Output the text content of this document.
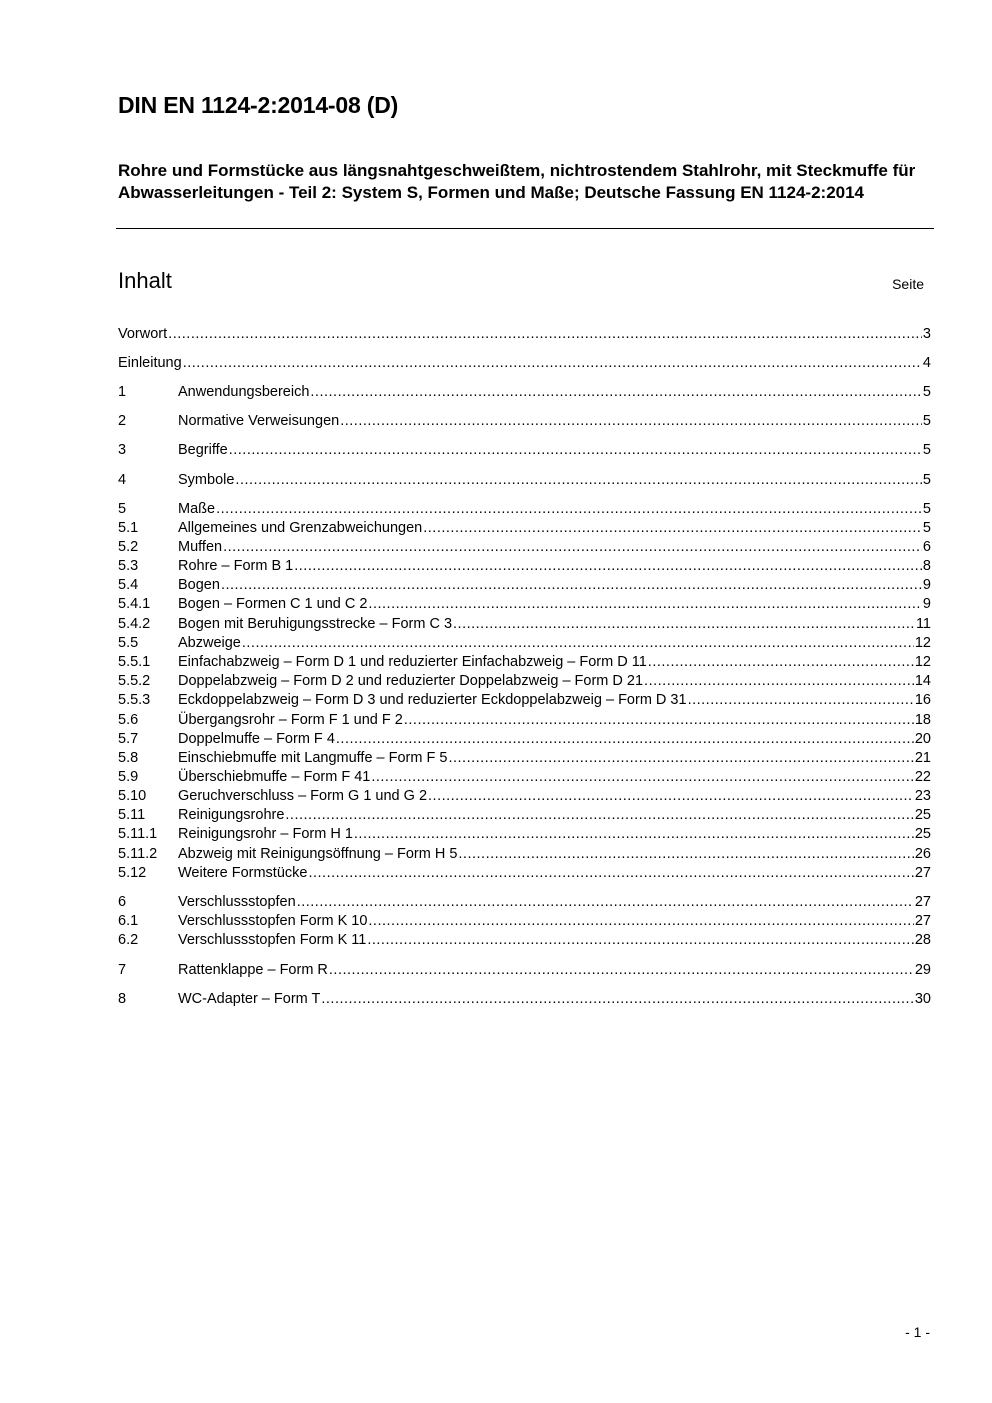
DIN EN 1124-2:2014-08 (D)
Rohre und Formstücke aus längsnahtgeschweißtem, nichtrostendem Stahlrohr, mit Steckmuffe für Abwasserleitungen - Teil 2: System S, Formen und Maße; Deutsche Fassung EN 1124-2:2014
Inhalt	Seite
Vorwort .....	3
Einleitung .....	4
1	Anwendungsbereich .....	5
2	Normative Verweisungen .....	5
3	Begriffe .....	5
4	Symbole .....	5
5	Maße .....	5
5.1	Allgemeines und Grenzabweichungen .....	5
5.2	Muffen .....	6
5.3	Rohre – Form B 1 .....	8
5.4	Bogen .....	9
5.4.1	Bogen – Formen C 1 und C 2 .....	9
5.4.2	Bogen mit Beruhigungsstrecke – Form C 3 .....	11
5.5	Abzweige .....	12
5.5.1	Einfachabzweig – Form D 1 und reduzierter Einfachabzweig – Form D 11 .....	12
5.5.2	Doppelabzweig – Form D 2 und reduzierter Doppelabzweig – Form D 21 .....	14
5.5.3	Eckdoppelabzweig – Form D 3 und reduzierter Eckdoppelabzweig – Form D 31 .....	16
5.6	Übergangsrohr – Form F 1 und F 2 .....	18
5.7	Doppelmuffe – Form F 4 .....	20
5.8	Einschiebmuffe mit Langmuffe – Form F 5 .....	21
5.9	Überschiebmuffe – Form F 41 .....	22
5.10	Geruchverschluss – Form G 1 und G 2 .....	23
5.11	Reinigungsrohre .....	25
5.11.1	Reinigungsrohr – Form H 1 .....	25
5.11.2	Abzweig mit Reinigungsöffnung – Form H 5 .....	26
5.12	Weitere Formstücke .....	27
6	Verschlussstopfen .....	27
6.1	Verschlussstopfen Form K 10 .....	27
6.2	Verschlussstopfen Form K 11 .....	28
7	Rattenklappe – Form R .....	29
8	WC-Adapter – Form T .....	30
- 1 -
